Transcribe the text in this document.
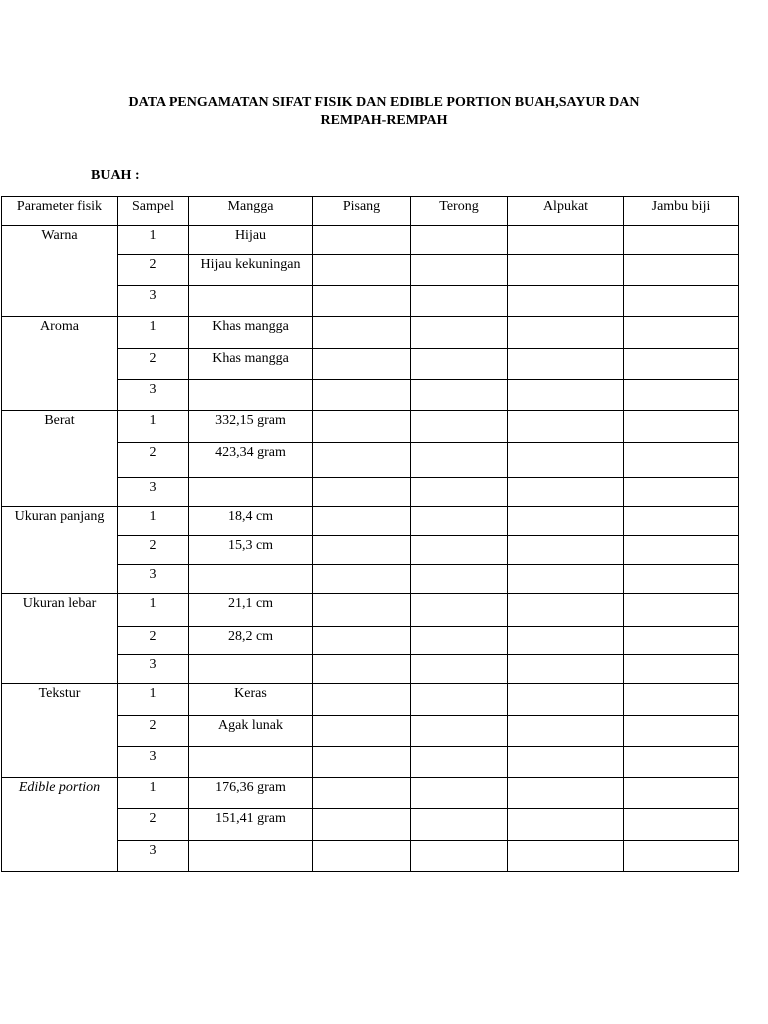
DATA PENGAMATAN SIFAT FISIK DAN EDIBLE PORTION BUAH,SAYUR DAN
REMPAH-REMPAH
BUAH :
Parameter fisik	Sampel	Mangga	Pisang	Terong	Alpukat	Jambu biji
Warna	1	Hijau				
	2	Hijau kekuningan				
	3					
Aroma	1	Khas mangga				
	2	Khas mangga				
	3					
Berat	1	332,15 gram				
	2	423,34 gram				
	3					
Ukuran panjang	1	18,4 cm				
	2	15,3 cm				
	3					
Ukuran lebar	1	21,1 cm				
	2	28,2 cm				
	3					
Tekstur	1	Keras				
	2	Agak lunak				
	3					
Edible portion	1	176,36 gram				
	2	151,41 gram				
	3					
